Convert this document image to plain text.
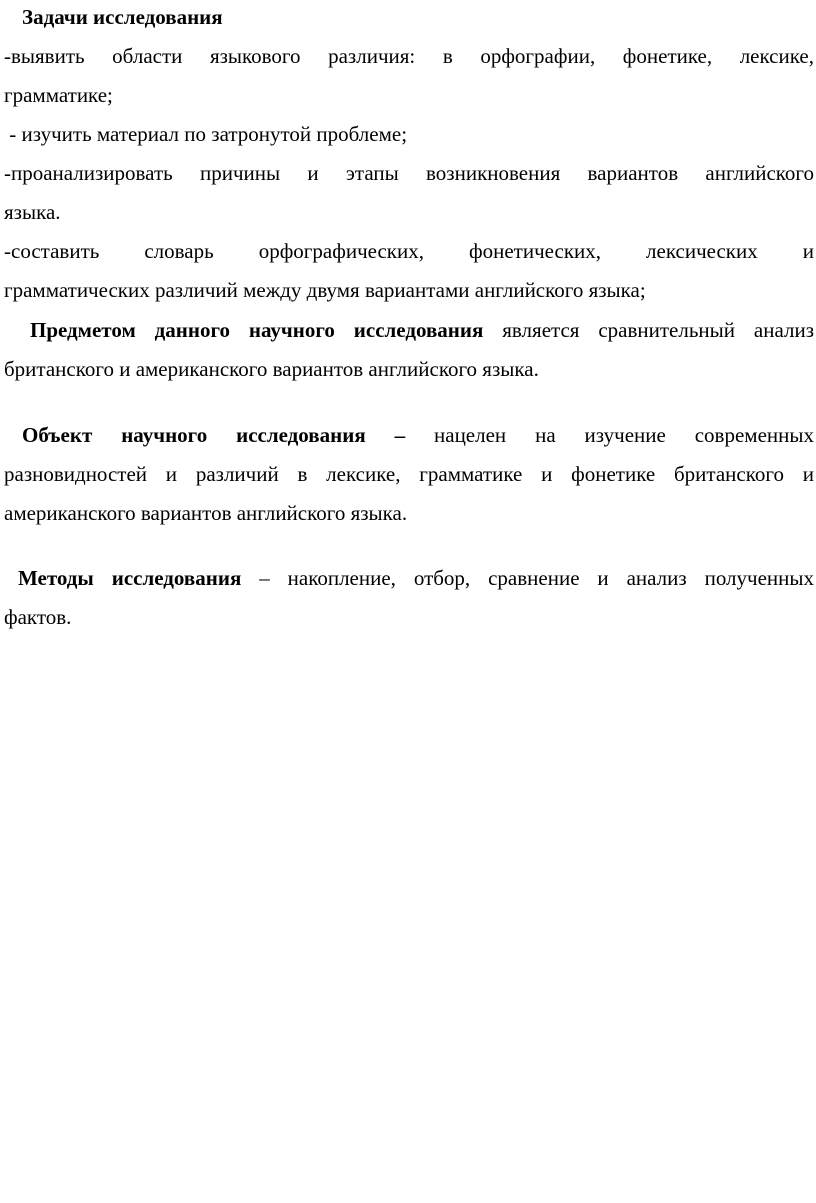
Задачи исследования
-выявить области языкового различия: в орфографии, фонетике, лексике,
грамматике;
- изучить материал по затронутой проблеме;
-проанализировать причины и этапы возникновения вариантов английского
языка.
-составить словарь орфографических, фонетических, лексических и
грамматических различий между двумя вариантами английского языка;
Предметом данного научного исследования является сравнительный анализ
британского и американского вариантов английского языка.
Объект научного исследования – нацелен на изучение современных
разновидностей и различий в лексике, грамматике и фонетике британского и
американского вариантов английского языка.
Методы исследования – накопление, отбор, сравнение и анализ полученных
фактов.
